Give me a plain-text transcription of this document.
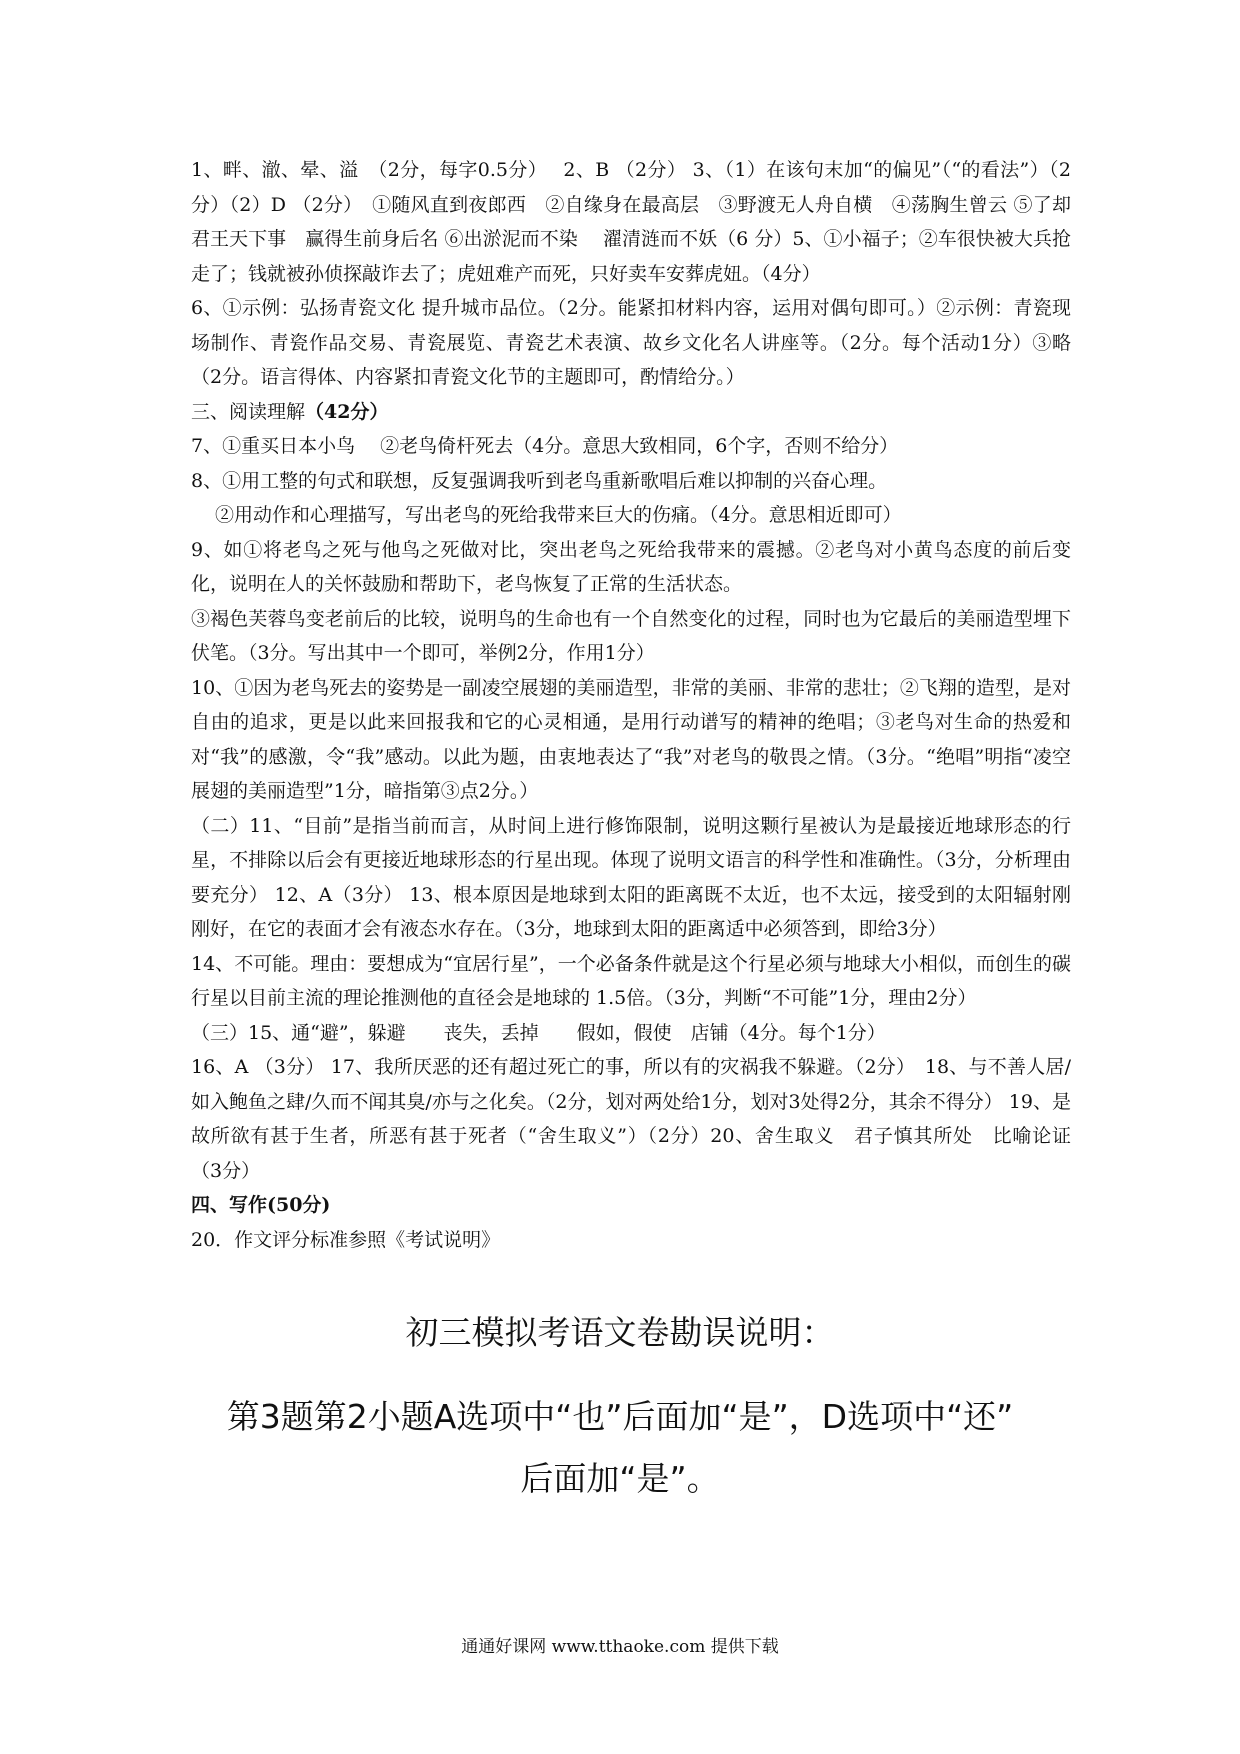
1、畔、澈、晕、溢　（2分，每字0.5分）　 2、B （2分） 3、（1）在该句末加“的偏见”（“的看法”）（2分）（2）D （2分）　①随风直到夜郎西　②自缘身在最高层　③野渡无人舟自横　④荡胸生曾云 ⑤了却君王天下事　赢得生前身后名 ⑥出淤泥而不染　 濯清涟而不妖（6 分）5、①小福子；②车很快被大兵抢走了；钱就被孙侦探敲诈去了；虎妞难产而死，只好卖车安葬虎妞。（4分）

6、①示例：弘扬青瓷文化 提升城市品位。（2分。能紧扣材料内容，运用对偶句即可。）②示例：青瓷现场制作、青瓷作品交易、青瓷展览、青瓷艺术表演、故乡文化名人讲座等。（2分。每个活动1分）③略（2分。语言得体、内容紧扣青瓷文化节的主题即可，酌情给分。）

三、阅读理解（42分）

7、①重买日本小鸟　 ②老鸟倚杆死去（4分。意思大致相同，6个字，否则不给分）

8、①用工整的句式和联想，反复强调我听到老鸟重新歌唱后难以抑制的兴奋心理。

②用动作和心理描写，写出老鸟的死给我带来巨大的伤痛。（4分。意思相近即可）

9、如①将老鸟之死与他鸟之死做对比，突出老鸟之死给我带来的震撼。②老鸟对小黄鸟态度的前后变化，说明在人的关怀鼓励和帮助下，老鸟恢复了正常的生活状态。

③褐色芙蓉鸟变老前后的比较，说明鸟的生命也有一个自然变化的过程，同时也为它最后的美丽造型埋下伏笔。（3分。写出其中一个即可，举例2分，作用1分）

10、①因为老鸟死去的姿势是一副凌空展翅的美丽造型，非常的美丽、非常的悲壮；②飞翔的造型，是对自由的追求，更是以此来回报我和它的心灵相通，是用行动谱写的精神的绝唱；③老鸟对生命的热爱和对“我”的感激，令“我”感动。以此为题，由衷地表达了“我”对老鸟的敬畏之情。（3分。“绝唱”明指“凌空展翅的美丽造型”1分，暗指第③点2分。）

（二）11、“目前”是指当前而言，从时间上进行修饰限制，说明这颗行星被认为是最接近地球形态的行星，不排除以后会有更接近地球形态的行星出现。体现了说明文语言的科学性和准确性。（3分，分析理由要充分） 12、A（3分） 13、根本原因是地球到太阳的距离既不太近，也不太远，接受到的太阳辐射刚刚好，在它的表面才会有液态水存在。（3分，地球到太阳的距离适中必须答到，即给3分）

14、不可能。理由：要想成为“宜居行星”，一个必备条件就是这个行星必须与地球大小相似，而创生的碳行星以目前主流的理论推测他的直径会是地球的 1.5倍。（3分，判断“不可能”1分，理由2分）

（三）15、通“避”，躲避　　丧失，丢掉　　假如，假使　店铺（4分。每个1分）

16、A （3分） 17、我所厌恶的还有超过死亡的事，所以有的灾祸我不躲避。（2分）　18、与不善人居/如入鲍鱼之肆/久而不闻其臭/亦与之化矣。（2分，划对两处给1分，划对3处得2分，其余不得分） 19、是故所欲有甚于生者，所恶有甚于死者（“舍生取义”）（2分）20、舍生取义　君子慎其所处　比喻论证 （3分）

四、写作(50分)

20．作文评分标准参照《考试说明》

初三模拟考语文卷勘误说明：

第3题第2小题A选项中“也”后面加“是”，D选项中“还”

后面加“是”。

通通好课网 www.tthaoke.com 提供下载
